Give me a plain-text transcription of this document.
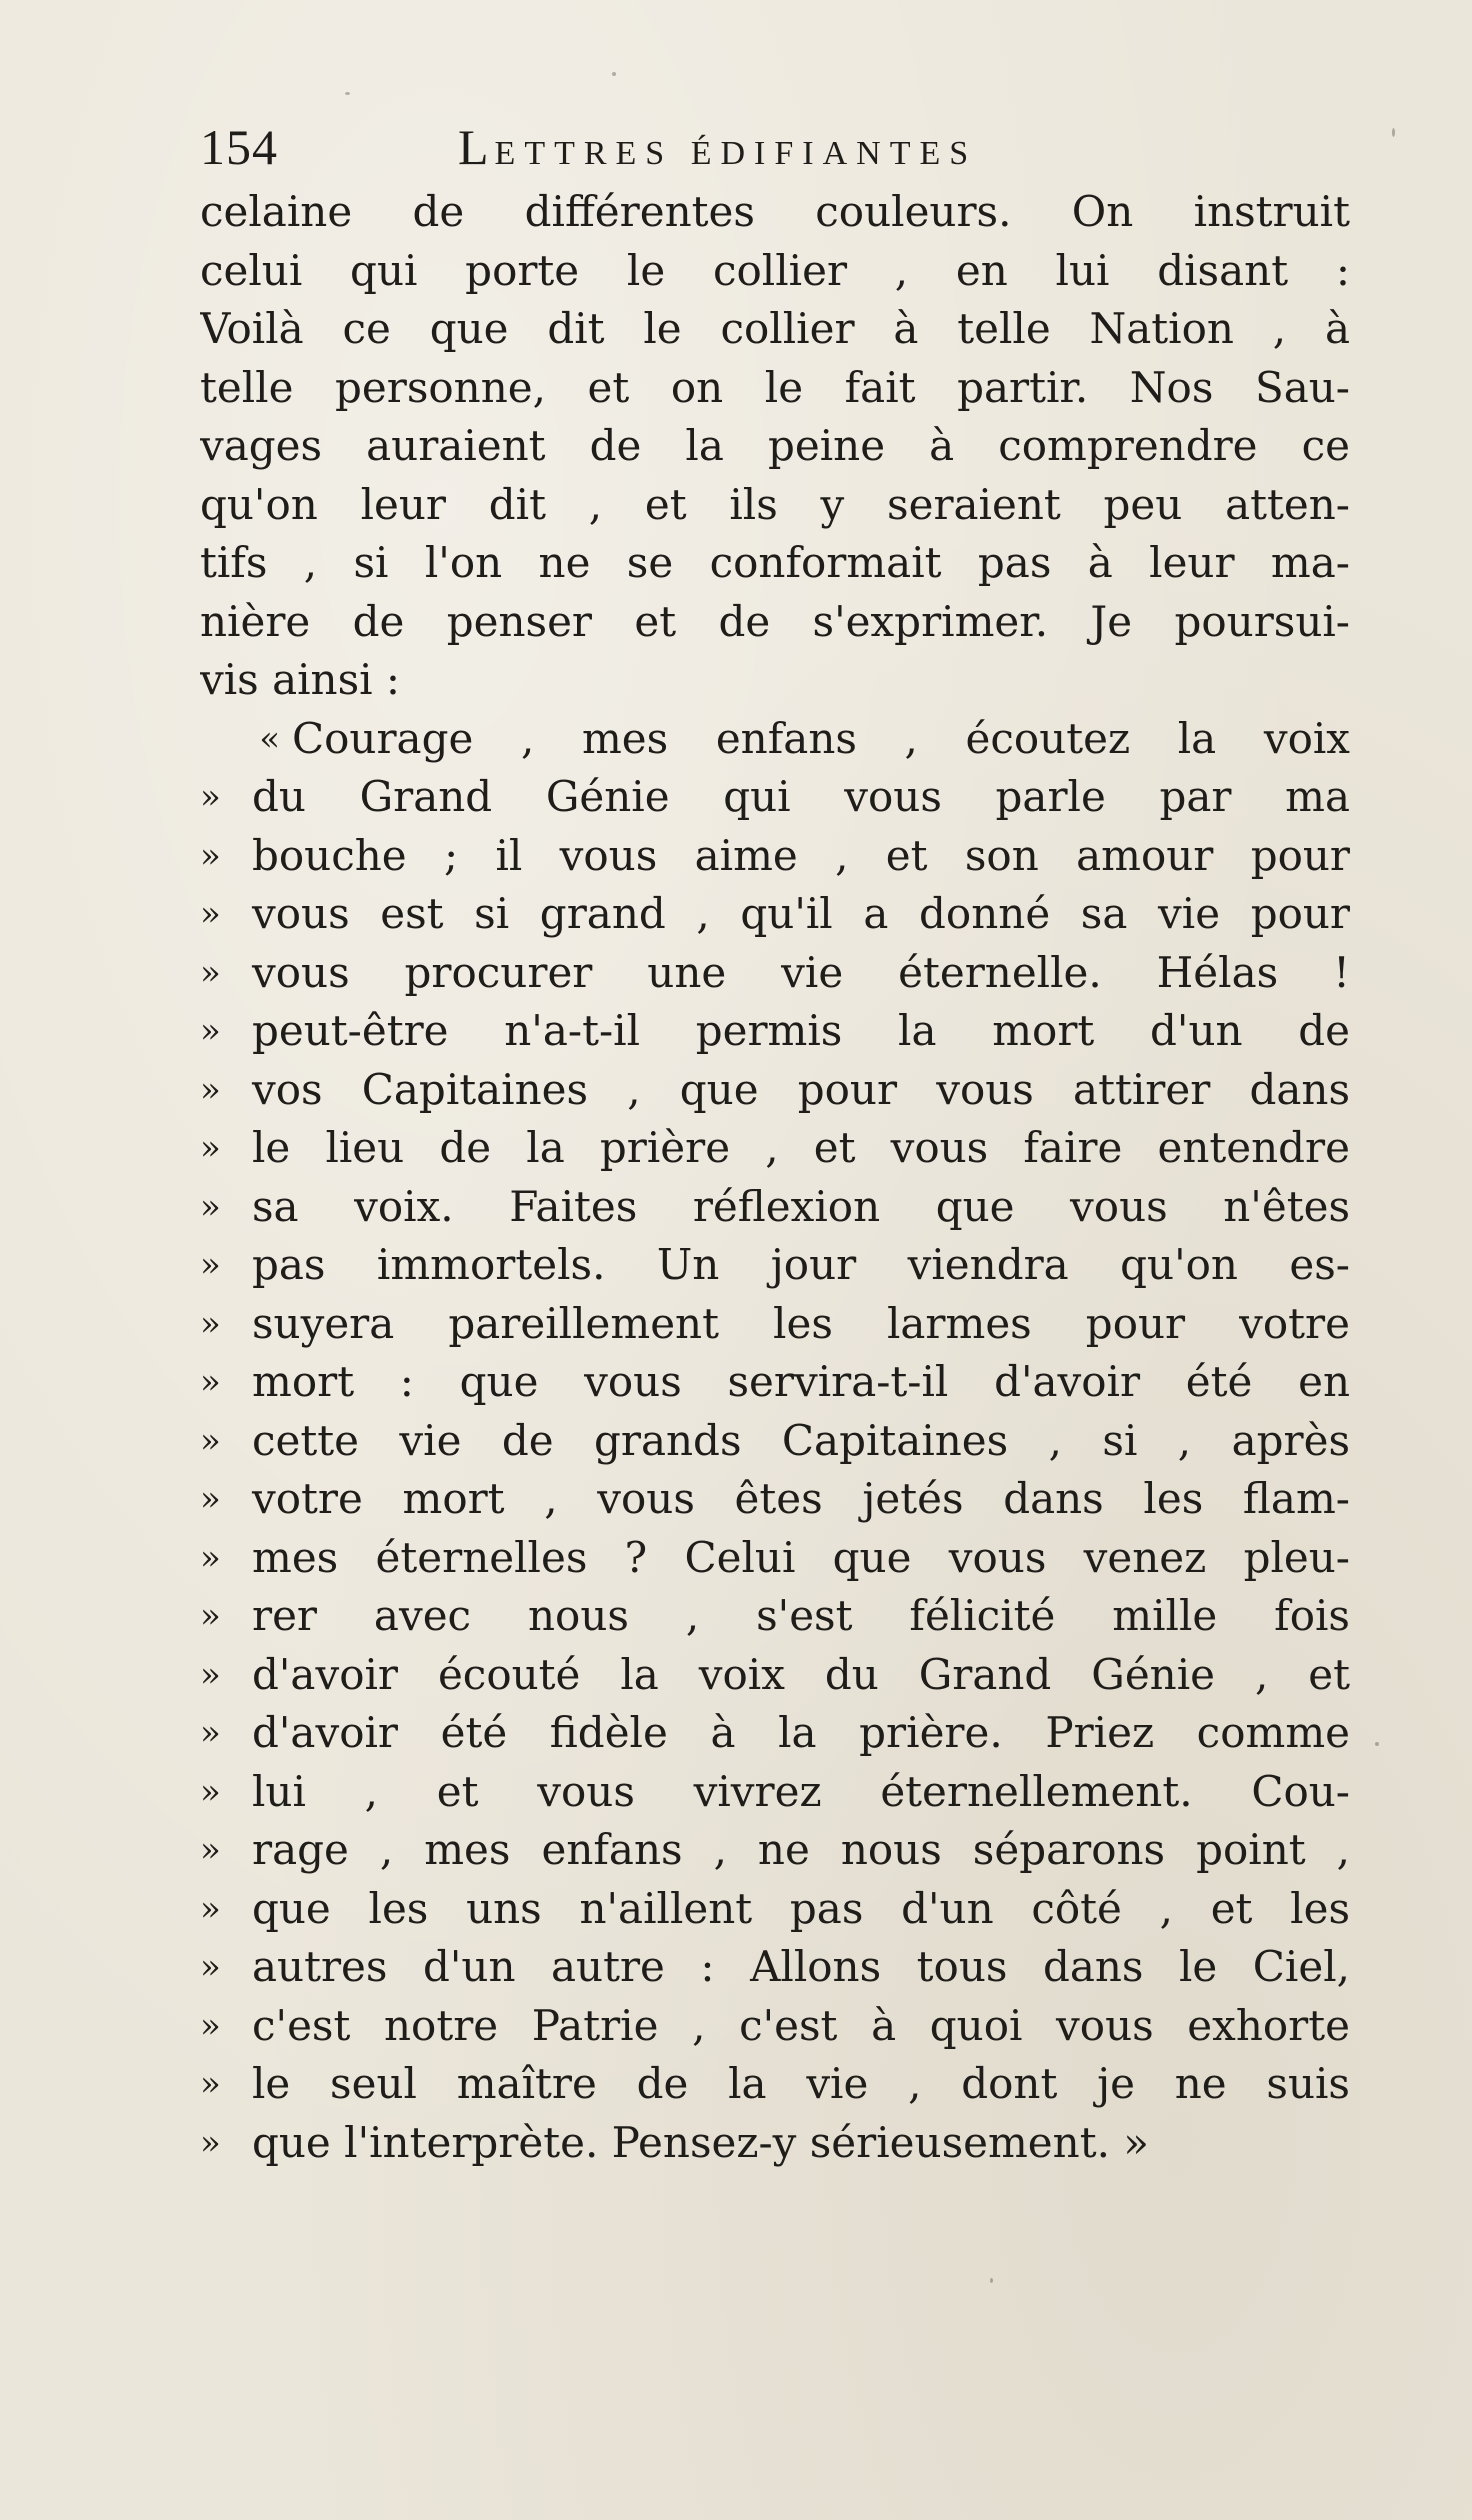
154	LETTRES ÉDIFIANTES
celaine de différentes couleurs. On instruit
celui qui porte le collier , en lui disant :
Voilà ce que dit le collier à telle Nation , à
telle personne, et on le fait partir. Nos Sau-
vages auraient de la peine à comprendre ce
qu'on leur dit , et ils y seraient peu atten-
tifs , si l'on ne se conformait pas à leur ma-
nière de penser et de s'exprimer. Je poursui-
vis ainsi :
« Courage , mes enfans , écoutez la voix
» du Grand Génie qui vous parle par ma
» bouche ; il vous aime , et son amour pour
» vous est si grand , qu'il a donné sa vie pour
» vous procurer une vie éternelle. Hélas !
» peut-être n'a-t-il permis la mort d'un de
» vos Capitaines , que pour vous attirer dans
» le lieu de la prière , et vous faire entendre
» sa voix. Faites réflexion que vous n'êtes
» pas immortels. Un jour viendra qu'on es-
» suyera pareillement les larmes pour votre
» mort : que vous servira-t-il d'avoir été en
» cette vie de grands Capitaines , si , après
» votre mort , vous êtes jetés dans les flam-
» mes éternelles ? Celui que vous venez pleu-
» rer avec nous , s'est félicité mille fois
» d'avoir écouté la voix du Grand Génie , et
» d'avoir été fidèle à la prière. Priez comme
» lui , et vous vivrez éternellement. Cou-
» rage , mes enfans , ne nous séparons point ,
» que les uns n'aillent pas d'un côté , et les
» autres d'un autre : Allons tous dans le Ciel,
» c'est notre Patrie , c'est à quoi vous exhorte
» le seul maître de la vie , dont je ne suis
» que l'interprète. Pensez-y sérieusement. »
